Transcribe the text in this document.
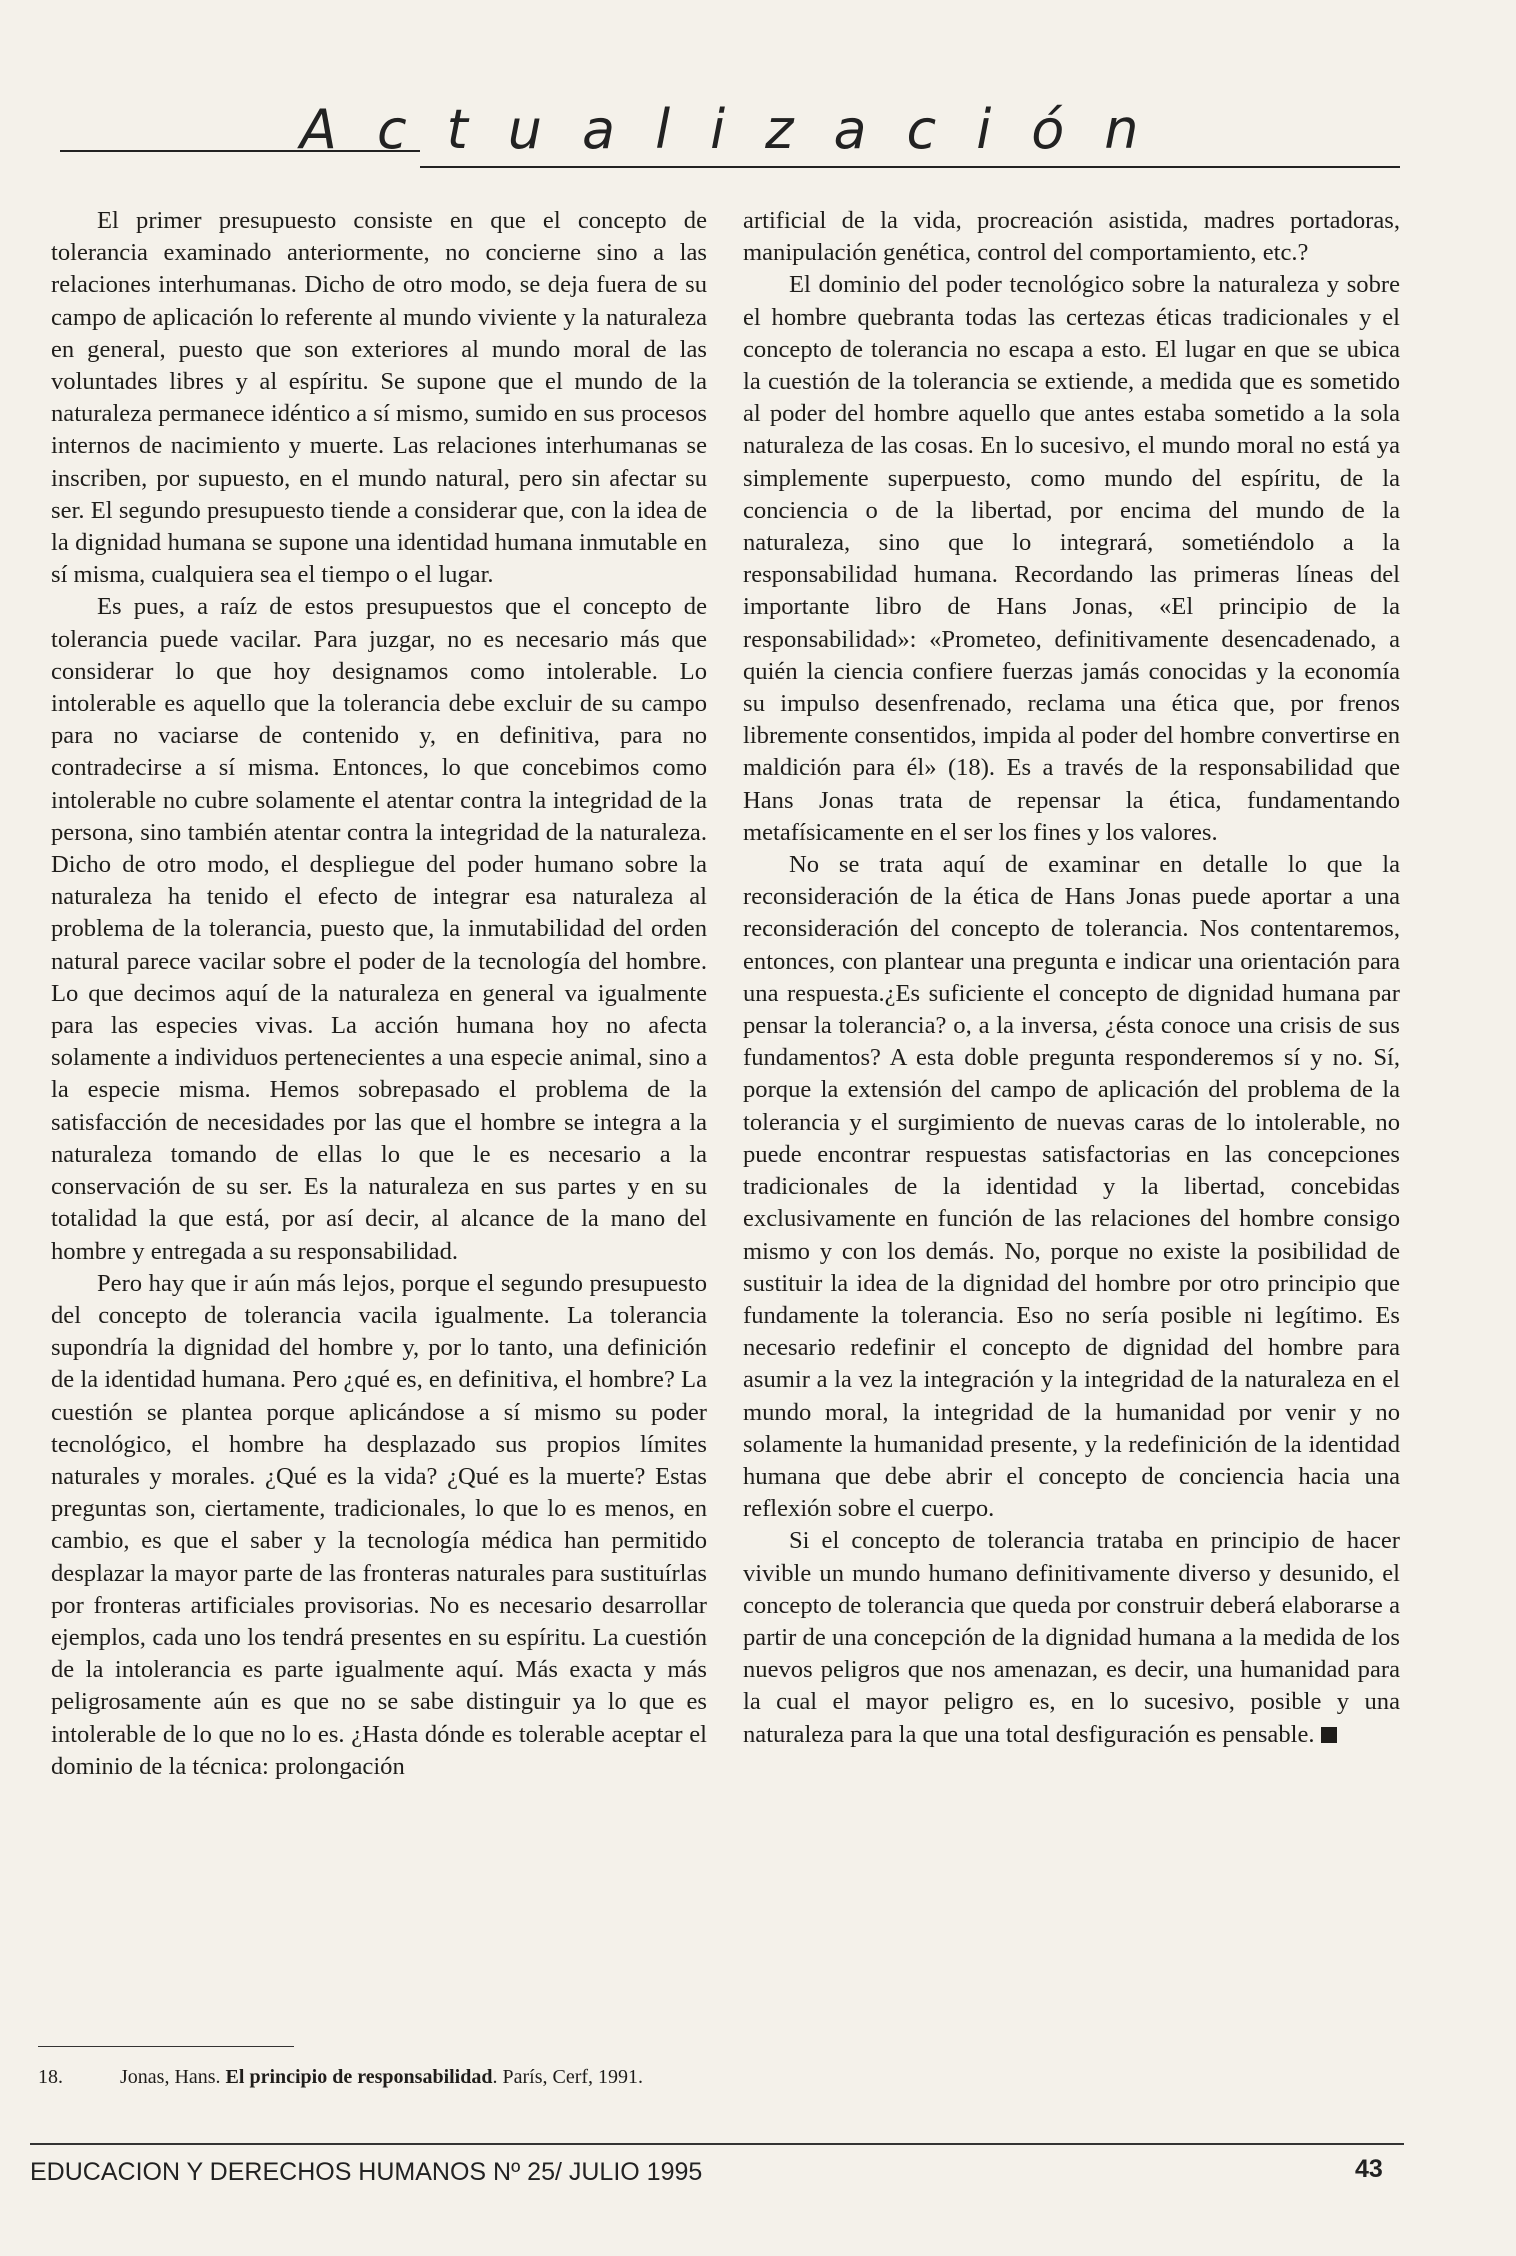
Actualización

El primer presupuesto consiste en que el concepto de tolerancia examinado anteriormente, no concierne sino a las relaciones interhumanas. Dicho de otro modo, se deja fuera de su campo de aplicación lo referente al mundo viviente y la naturaleza en general, puesto que son exteriores al mundo moral de las voluntades libres y al espíritu. Se supone que el mundo de la naturaleza permanece idéntico a sí mismo, sumido en sus procesos internos de nacimiento y muerte. Las relaciones interhumanas se inscriben, por supuesto, en el mundo natural, pero sin afectar su ser. El segundo presupuesto tiende a considerar que, con la idea de la dignidad humana se supone una identidad humana inmutable en sí misma, cualquiera sea el tiempo o el lugar.

Es pues, a raíz de estos presupuestos que el concepto de tolerancia puede vacilar. Para juzgar, no es necesario más que considerar lo que hoy designamos como intolerable. Lo intolerable es aquello que la tolerancia debe excluir de su campo para no vaciarse de contenido y, en definitiva, para no contradecirse a sí misma. Entonces, lo que concebimos como intolerable no cubre solamente el atentar contra la integridad de la persona, sino también atentar contra la integridad de la naturaleza. Dicho de otro modo, el despliegue del poder humano sobre la naturaleza ha tenido el efecto de integrar esa naturaleza al problema de la tolerancia, puesto que, la inmutabilidad del orden natural parece vacilar sobre el poder de la tecnología del hombre. Lo que decimos aquí de la naturaleza en general va igualmente para las especies vivas. La acción humana hoy no afecta solamente a individuos pertenecientes a una especie animal, sino a la especie misma. Hemos sobrepasado el problema de la satisfacción de necesidades por las que el hombre se integra a la naturaleza tomando de ellas lo que le es necesario a la conservación de su ser. Es la naturaleza en sus partes y en su totalidad la que está, por así decir, al alcance de la mano del hombre y entregada a su responsabilidad.

Pero hay que ir aún más lejos, porque el segundo presupuesto del concepto de tolerancia vacila igualmente. La tolerancia supondría la dignidad del hombre y, por lo tanto, una definición de la identidad humana. Pero ¿qué es, en definitiva, el hombre? La cuestión se plantea porque aplicándose a sí mismo su poder tecnológico, el hombre ha desplazado sus propios límites naturales y morales. ¿Qué es la vida? ¿Qué es la muerte? Estas preguntas son, ciertamente, tradicionales, lo que lo es menos, en cambio, es que el saber y la tecnología médica han permitido desplazar la mayor parte de las fronteras naturales para sustituírlas por fronteras artificiales provisorias. No es necesario desarrollar ejemplos, cada uno los tendrá presentes en su espíritu. La cuestión de la intolerancia es parte igualmente aquí. Más exacta y más peligrosamente aún es que no se sabe distinguir ya lo que es intolerable de lo que no lo es. ¿Hasta dónde es tolerable aceptar el dominio de la técnica: prolongación

artificial de la vida, procreación asistida, madres portadoras, manipulación genética, control del comportamiento, etc.?

El dominio del poder tecnológico sobre la naturaleza y sobre el hombre quebranta todas las certezas éticas tradicionales y el concepto de tolerancia no escapa a esto. El lugar en que se ubica la cuestión de la tolerancia se extiende, a medida que es sometido al poder del hombre aquello que antes estaba sometido a la sola naturaleza de las cosas. En lo sucesivo, el mundo moral no está ya simplemente superpuesto, como mundo del espíritu, de la conciencia o de la libertad, por encima del mundo de la naturaleza, sino que lo integrará, sometiéndolo a la responsabilidad humana. Recordando las primeras líneas del importante libro de Hans Jonas, «El principio de la responsabilidad»: «Prometeo, definitivamente desencadenado, a quién la ciencia confiere fuerzas jamás conocidas y la economía su impulso desenfrenado, reclama una ética que, por frenos libremente consentidos, impida al poder del hombre convertirse en maldición para él» (18). Es a través de la responsabilidad que Hans Jonas trata de repensar la ética, fundamentando metafísicamente en el ser los fines y los valores.

No se trata aquí de examinar en detalle lo que la reconsideración de la ética de Hans Jonas puede aportar a una reconsideración del concepto de tolerancia. Nos contentaremos, entonces, con plantear una pregunta e indicar una orientación para una respuesta.¿Es suficiente el concepto de dignidad humana par pensar la tolerancia? o, a la inversa, ¿ésta conoce una crisis de sus fundamentos? A esta doble pregunta responderemos sí y no. Sí, porque la extensión del campo de aplicación del problema de la tolerancia y el surgimiento de nuevas caras de lo intolerable, no puede encontrar respuestas satisfactorias en las concepciones tradicionales de la identidad y la libertad, concebidas exclusivamente en función de las relaciones del hombre consigo mismo y con los demás. No, porque no existe la posibilidad de sustituir la idea de la dignidad del hombre por otro principio que fundamente la tolerancia. Eso no sería posible ni legítimo. Es necesario redefinir el concepto de dignidad del hombre para asumir a la vez la integración y la integridad de la naturaleza en el mundo moral, la integridad de la humanidad por venir y no solamente la humanidad presente, y la redefinición de la identidad humana que debe abrir el concepto de conciencia hacia una reflexión sobre el cuerpo.

Si el concepto de tolerancia trataba en principio de hacer vivible un mundo humano definitivamente diverso y desunido, el concepto de tolerancia que queda por construir deberá elaborarse a partir de una concepción de la dignidad humana a la medida de los nuevos peligros que nos amenazan, es decir, una humanidad para la cual el mayor peligro es, en lo sucesivo, posible y una naturaleza para la que una total desfiguración es pensable.

18.	Jonas, Hans. El principio de responsabilidad. París, Cerf, 1991.
EDUCACION Y DERECHOS HUMANOS Nº 25/ JULIO 1995	43
